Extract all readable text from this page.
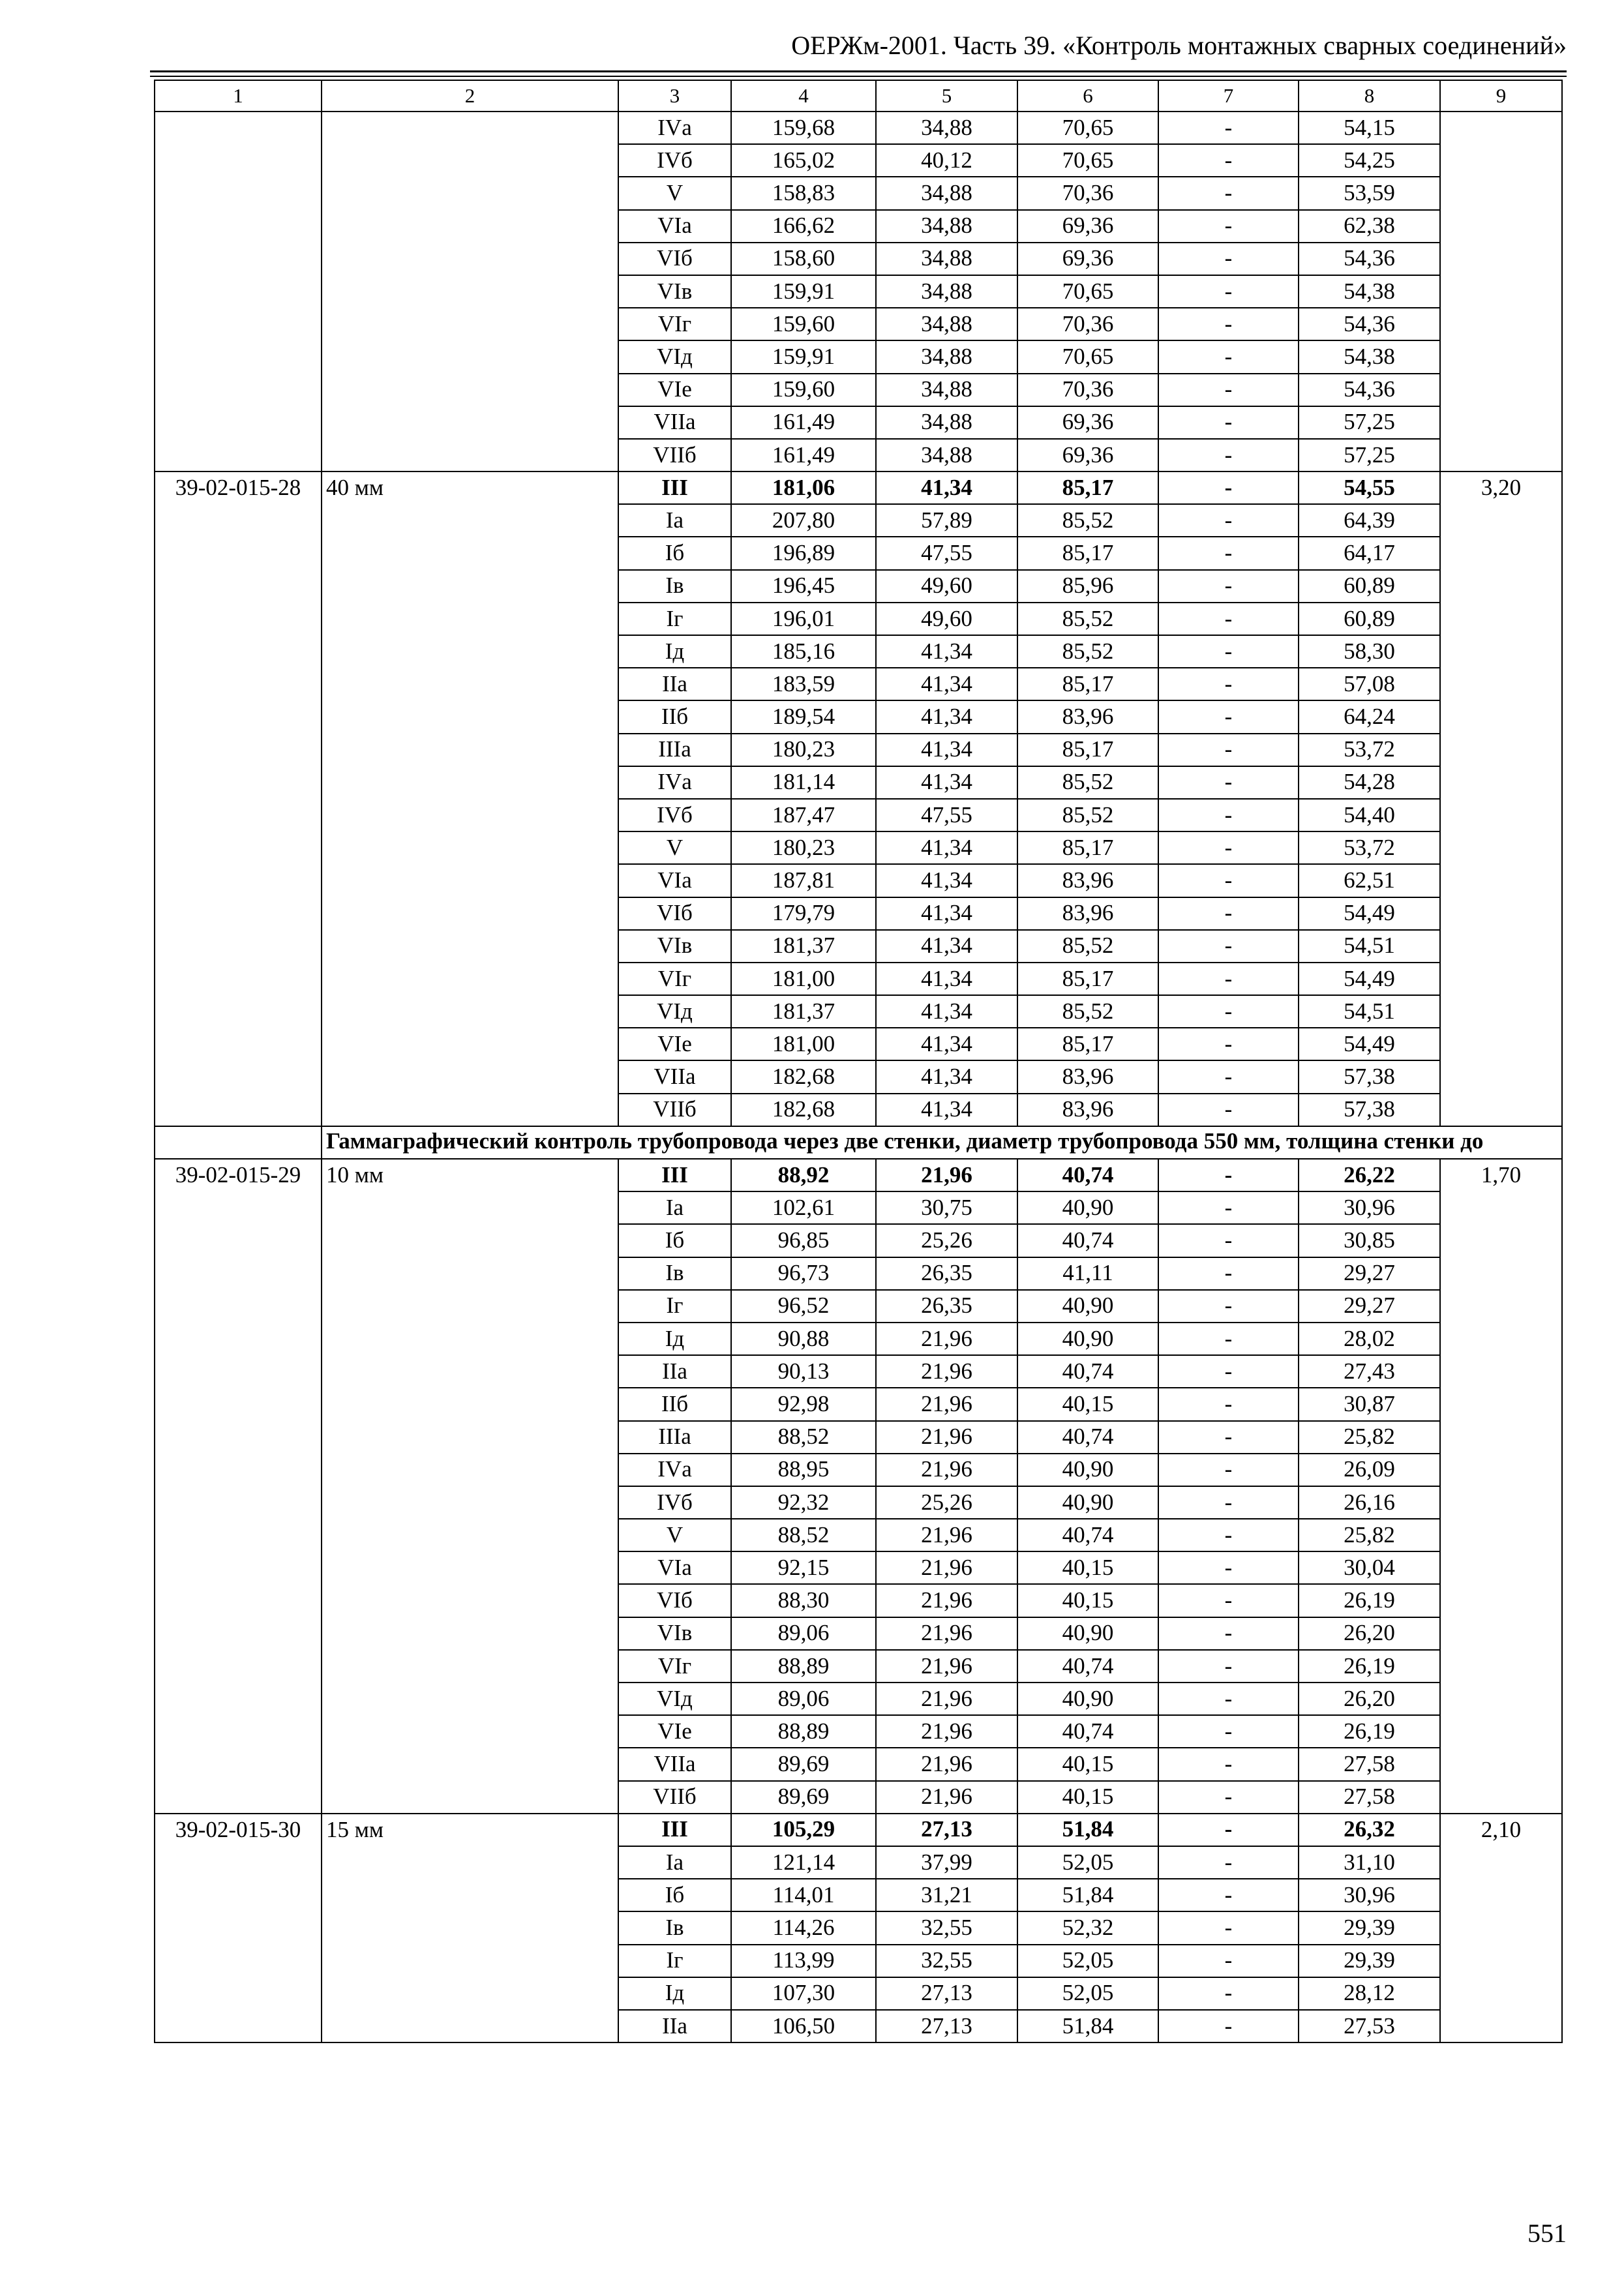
ОЕРЖм-2001. Часть 39. «Контроль монтажных сварных соединений»
1	2	3	4	5	6	7	8	9
		IVа	159,68	34,88	70,65	-	54,15	
		IVб	165,02	40,12	70,65	-	54,25	
		V	158,83	34,88	70,36	-	53,59	
		VIа	166,62	34,88	69,36	-	62,38	
		VIб	158,60	34,88	69,36	-	54,36	
		VIв	159,91	34,88	70,65	-	54,38	
		VIг	159,60	34,88	70,36	-	54,36	
		VIд	159,91	34,88	70,65	-	54,38	
		VIе	159,60	34,88	70,36	-	54,36	
		VIIа	161,49	34,88	69,36	-	57,25	
		VIIб	161,49	34,88	69,36	-	57,25	
39-02-015-28	40 мм	III	181,06	41,34	85,17	-	54,55	3,20
		Iа	207,80	57,89	85,52	-	64,39	
		Iб	196,89	47,55	85,17	-	64,17	
		Iв	196,45	49,60	85,96	-	60,89	
		Iг	196,01	49,60	85,52	-	60,89	
		Iд	185,16	41,34	85,52	-	58,30	
		IIа	183,59	41,34	85,17	-	57,08	
		IIб	189,54	41,34	83,96	-	64,24	
		IIIа	180,23	41,34	85,17	-	53,72	
		IVа	181,14	41,34	85,52	-	54,28	
		IVб	187,47	47,55	85,52	-	54,40	
		V	180,23	41,34	85,17	-	53,72	
		VIа	187,81	41,34	83,96	-	62,51	
		VIб	179,79	41,34	83,96	-	54,49	
		VIв	181,37	41,34	85,52	-	54,51	
		VIг	181,00	41,34	85,17	-	54,49	
		VIд	181,37	41,34	85,52	-	54,51	
		VIе	181,00	41,34	85,17	-	54,49	
		VIIа	182,68	41,34	83,96	-	57,38	
		VIIб	182,68	41,34	83,96	-	57,38	
	Гаммаграфический контроль трубопровода через две стенки, диаметр трубопровода 550 мм, толщина стенки до							
39-02-015-29	10 мм	III	88,92	21,96	40,74	-	26,22	1,70
		Iа	102,61	30,75	40,90	-	30,96	
		Iб	96,85	25,26	40,74	-	30,85	
		Iв	96,73	26,35	41,11	-	29,27	
		Iг	96,52	26,35	40,90	-	29,27	
		Iд	90,88	21,96	40,90	-	28,02	
		IIа	90,13	21,96	40,74	-	27,43	
		IIб	92,98	21,96	40,15	-	30,87	
		IIIа	88,52	21,96	40,74	-	25,82	
		IVа	88,95	21,96	40,90	-	26,09	
		IVб	92,32	25,26	40,90	-	26,16	
		V	88,52	21,96	40,74	-	25,82	
		VIа	92,15	21,96	40,15	-	30,04	
		VIб	88,30	21,96	40,15	-	26,19	
		VIв	89,06	21,96	40,90	-	26,20	
		VIг	88,89	21,96	40,74	-	26,19	
		VIд	89,06	21,96	40,90	-	26,20	
		VIе	88,89	21,96	40,74	-	26,19	
		VIIа	89,69	21,96	40,15	-	27,58	
		VIIб	89,69	21,96	40,15	-	27,58	
39-02-015-30	15 мм	III	105,29	27,13	51,84	-	26,32	2,10
		Iа	121,14	37,99	52,05	-	31,10	
		Iб	114,01	31,21	51,84	-	30,96	
		Iв	114,26	32,55	52,32	-	29,39	
		Iг	113,99	32,55	52,05	-	29,39	
		Iд	107,30	27,13	52,05	-	28,12	
		IIа	106,50	27,13	51,84	-	27,53	
551
